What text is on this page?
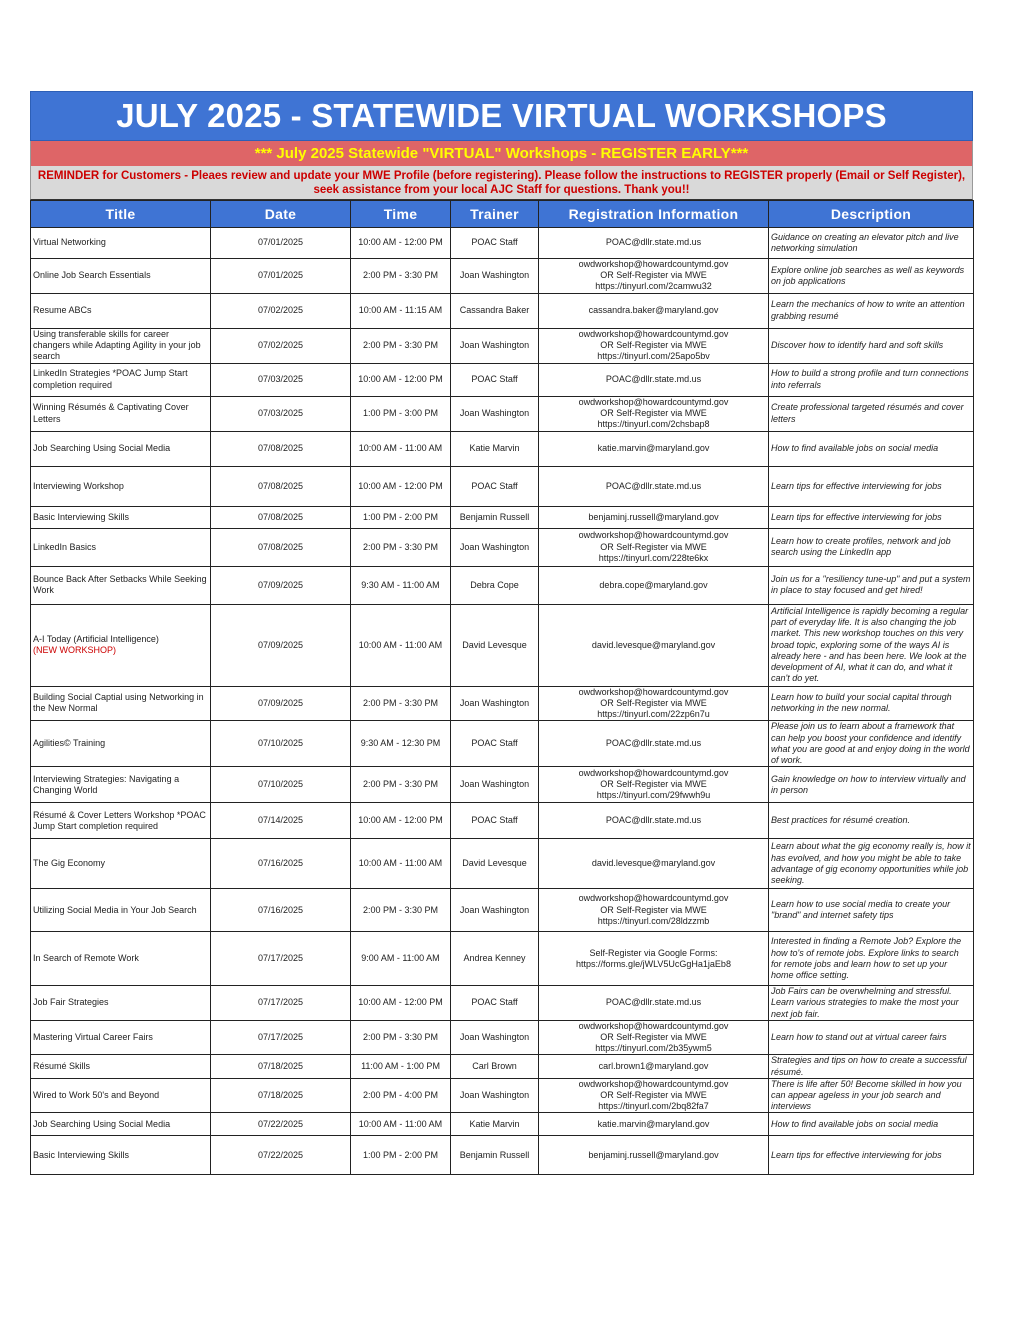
JULY 2025 - STATEWIDE VIRTUAL WORKSHOPS
*** July 2025 Statewide "VIRTUAL" Workshops - REGISTER EARLY***
REMINDER for Customers - Pleaes review and update your MWE Profile (before registering). Please follow the instructions to REGISTER properly (Email or Self Register),
seek assistance from your local AJC Staff for questions. Thank you!!
Title	Date	Time	Trainer	Registration Information	Description
Virtual Networking	07/01/2025	10:00 AM - 12:00 PM	POAC Staff	POAC@dllr.state.md.us	Guidance on creating an elevator pitch and live networking simulation
Online Job Search Essentials	07/01/2025	2:00 PM - 3:30 PM	Joan Washington	owdworkshop@howardcountymd.gov
OR Self-Register via MWE
https://tinyurl.com/2camwu32	Explore online job searches as well as keywords on job applications
Resume ABCs	07/02/2025	10:00 AM - 11:15 AM	Cassandra Baker	cassandra.baker@maryland.gov	Learn the mechanics of how to write an attention grabbing resumé
Using transferable skills for career changers while Adapting Agility in your job search	07/02/2025	2:00 PM - 3:30 PM	Joan Washington	owdworkshop@howardcountymd.gov
OR Self-Register via MWE
https://tinyurl.com/25apo5bv	Discover how to identify hard and soft skills
LinkedIn Strategies *POAC Jump Start completion required	07/03/2025	10:00 AM - 12:00 PM	POAC Staff	POAC@dllr.state.md.us	How to build a strong profile and turn connections into referrals
Winning Résumés & Captivating Cover Letters	07/03/2025	1:00 PM - 3:00 PM	Joan Washington	owdworkshop@howardcountymd.gov
OR Self-Register via MWE
https://tinyurl.com/2chsbap8	Create professional targeted résumés and cover letters
Job Searching Using Social Media	07/08/2025	10:00 AM - 11:00 AM	Katie Marvin	katie.marvin@maryland.gov	How to find available jobs on social media
Interviewing Workshop	07/08/2025	10:00 AM - 12:00 PM	POAC Staff	POAC@dllr.state.md.us	Learn tips for effective interviewing for jobs
Basic Interviewing Skills	07/08/2025	1:00 PM - 2:00 PM	Benjamin Russell	benjaminj.russell@maryland.gov	Learn tips for effective interviewing for jobs
LinkedIn Basics	07/08/2025	2:00 PM - 3:30 PM	Joan Washington	owdworkshop@howardcountymd.gov
OR Self-Register via MWE
https://tinyurl.com/228te6kx	Learn how to create profiles, network and job search using the LinkedIn app
Bounce Back After Setbacks While Seeking Work	07/09/2025	9:30 AM - 11:00 AM	Debra Cope	debra.cope@maryland.gov	Join us for a "resiliency tune-up" and put a system in place to stay focused and get hired!
A-I Today (Artificial Intelligence)
(NEW WORKSHOP)	07/09/2025	10:00 AM - 11:00 AM	David Levesque	david.levesque@maryland.gov	Artificial Intelligence is rapidly becoming a regular part of everyday life. It is also changing the job market. This new workshop touches on this very broad topic, exploring some of the ways AI is already here - and has been here. We look at the development of AI, what it can do, and what it can't do yet.
Building Social Captial using Networking in the New Normal	07/09/2025	2:00 PM - 3:30 PM	Joan Washington	owdworkshop@howardcountymd.gov
OR Self-Register via MWE
https://tinyurl.com/22zp6n7u	Learn how to build your social capital through networking in the new normal.
Agilities© Training	07/10/2025	9:30 AM - 12:30 PM	POAC Staff	POAC@dllr.state.md.us	Please join us to learn about a framework that can help you boost your confidence and identify what you are good at and enjoy doing in the world of work.
Interviewing Strategies: Navigating a Changing World	07/10/2025	2:00 PM - 3:30 PM	Joan Washington	owdworkshop@howardcountymd.gov
OR Self-Register via MWE
https://tinyurl.com/29fwwh9u	Gain knowledge on how to interview virtually and in person
Résumé & Cover Letters Workshop *POAC Jump Start completion required	07/14/2025	10:00 AM - 12:00 PM	POAC Staff	POAC@dllr.state.md.us	Best practices for résumé creation.
The Gig Economy	07/16/2025	10:00 AM - 11:00 AM	David Levesque	david.levesque@maryland.gov	Learn about what the gig economy really is, how it has evolved, and how you might be able to take advantage of gig economy opportunities while job seeking.
Utilizing Social Media in Your Job Search	07/16/2025	2:00 PM - 3:30 PM	Joan Washington	owdworkshop@howardcountymd.gov
OR Self-Register via MWE
https://tinyurl.com/28ldzzmb	Learn how to use social media to create your "brand" and internet safety tips
In Search of Remote Work	07/17/2025	9:00 AM - 11:00 AM	Andrea Kenney	Self-Register via Google Forms:
https://forms.gle/jWLV5UcGgHa1jaEb8	Interested in finding a Remote Job? Explore the how to's of remote jobs. Explore links to search for remote jobs and learn how to set up your home office setting.
Job Fair Strategies	07/17/2025	10:00 AM - 12:00 PM	POAC Staff	POAC@dllr.state.md.us	Job Fairs can be overwhelming and stressful. Learn various strategies to make the most your next job fair.
Mastering Virtual Career Fairs	07/17/2025	2:00 PM - 3:30 PM	Joan Washington	owdworkshop@howardcountymd.gov
OR Self-Register via MWE
https://tinyurl.com/2b35ywm5	Learn how to stand out at virtual career fairs
Résumé Skills	07/18/2025	11:00 AM - 1:00 PM	Carl Brown	carl.brown1@maryland.gov	Strategies and tips on how to create a successful résumé.
Wired to Work 50's and Beyond	07/18/2025	2:00 PM - 4:00 PM	Joan Washington	owdworkshop@howardcountymd.gov
OR Self-Register via MWE
https://tinyurl.com/2bq82fa7	There is life after 50! Become skilled in how you can appear ageless in your job search and interviews
Job Searching Using Social Media	07/22/2025	10:00 AM - 11:00 AM	Katie Marvin	katie.marvin@maryland.gov	How to find available jobs on social media
Basic Interviewing Skills	07/22/2025	1:00 PM - 2:00 PM	Benjamin Russell	benjaminj.russell@maryland.gov	Learn tips for effective interviewing for jobs
